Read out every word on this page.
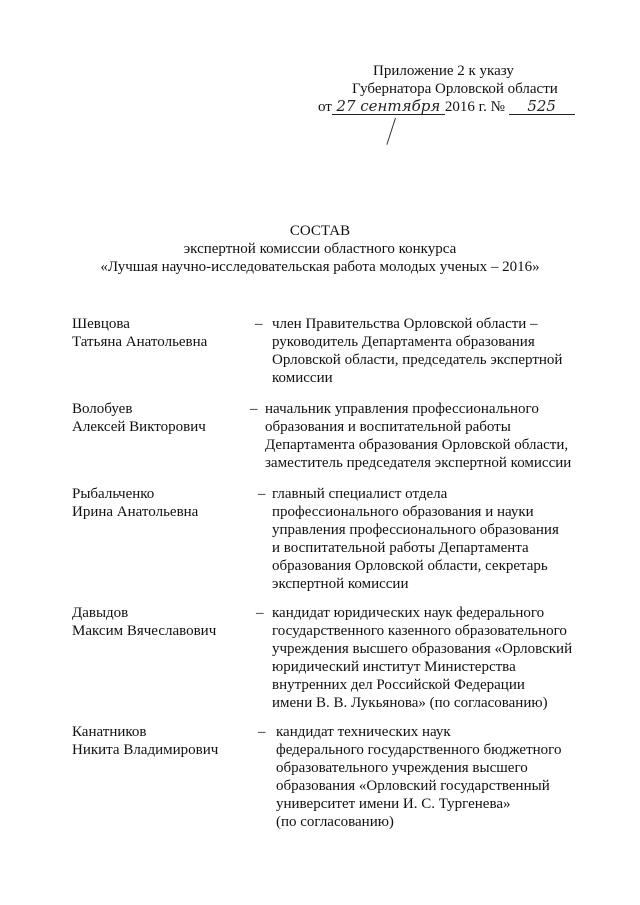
Приложение 2 к указу
Губернатора Орловской области
от 27 сентября 2016 г. № 525
СОСТАВ
экспертной комиссии областного конкурса
«Лучшая научно-исследовательская работа молодых ученых – 2016»
Шевцова
Татьяна Анатольевна
– член Правительства Орловской области –
руководитель Департамента образования
Орловской области, председатель экспертной
комиссии
Волобуев
Алексей Викторович
– начальник управления профессионального
образования и воспитательной работы
Департамента образования Орловской области,
заместитель председателя экспертной комиссии
Рыбальченко
Ирина Анатольевна
– главный специалист отдела
профессионального образования и науки
управления профессионального образования
и воспитательной работы Департамента
образования Орловской области, секретарь
экспертной комиссии
Давыдов
Максим Вячеславович
– кандидат юридических наук федерального
государственного казенного образовательного
учреждения высшего образования «Орловский
юридический институт Министерства
внутренних дел Российской Федерации
имени В. В. Лукьянова» (по согласованию)
Канатников
Никита Владимирович
– кандидат технических наук
федерального государственного бюджетного
образовательного учреждения высшего
образования «Орловский государственный
университет имени И. С. Тургенева»
(по согласованию)
